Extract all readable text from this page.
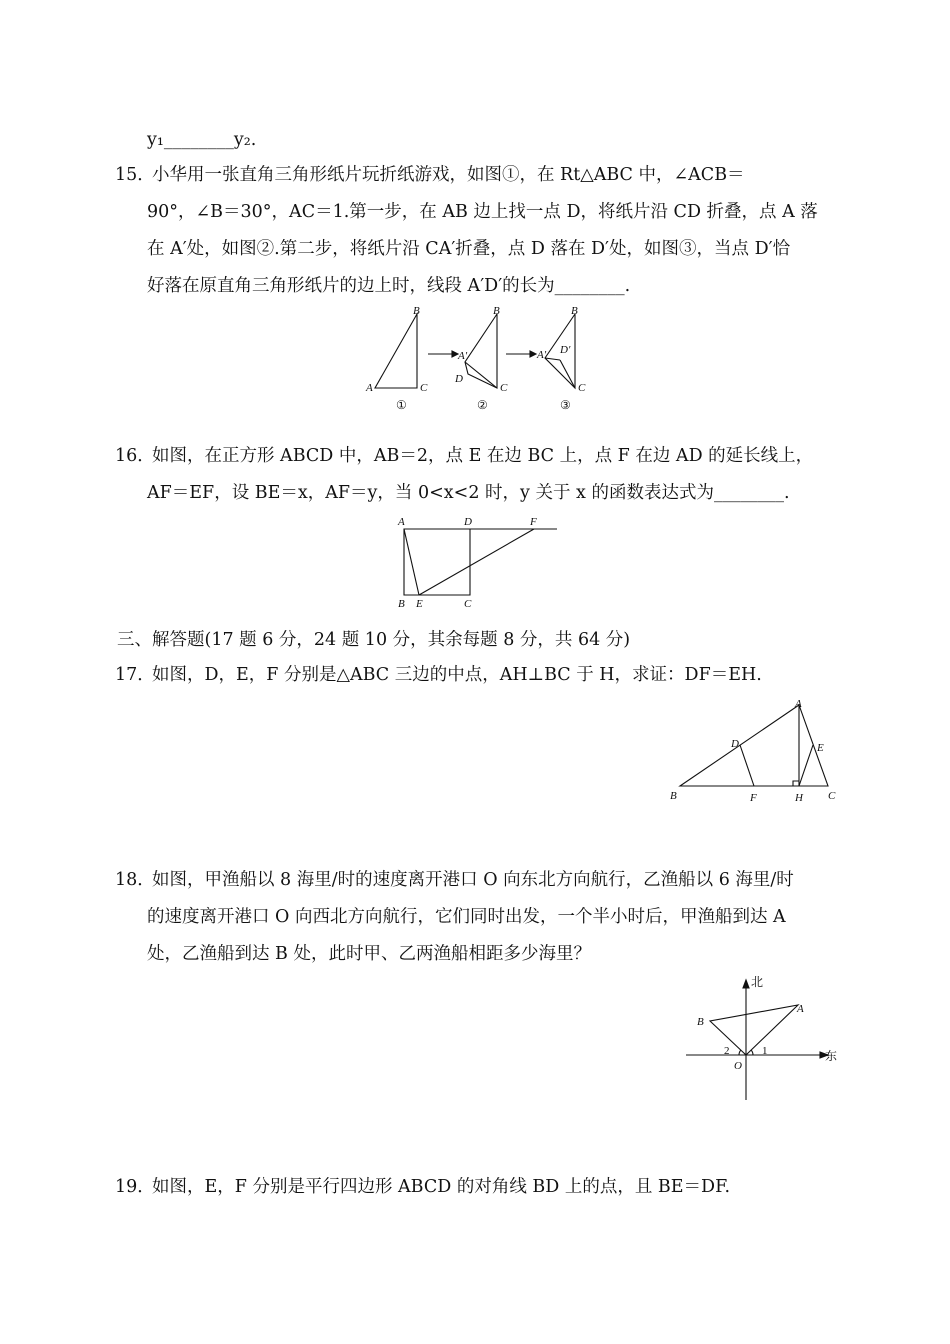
y₁________y₂.
15．
小华用一张直角三角形纸片玩折纸游戏，如图①，在 Rt△ABC 中，∠ACB＝
90°，∠B＝30°，AC＝1.第一步，在 AB 边上找一点 D，将纸片沿 CD 折叠，点 A 落
在 A′处，如图②.第二步，将纸片沿 CA′折叠，点 D 落在 D′处，如图③，当点 D′恰
好落在原直角三角形纸片的边上时，线段 A′D′的长为________.
B
A	C
B
A′
D
C
B
A′ D′
C
①	②	③
16．
如图，在正方形 ABCD 中，AB＝2，点 E 在边 BC 上，点 F 在边 AD 的延长线上，
AF＝EF，设 BE＝x，AF＝y，当 0<x<2 时，y 关于 x 的函数表达式为________.
A	D	F
B E	C
三、解答题(17 题 6 分，24 题 10 分，其余每题 8 分，共 64 分)
17．
如图，D，E，F 分别是△ABC 三边的中点，AH⊥BC 于 H，求证：DF＝EH.
A
D	E
B	F	H C
18．
如图，甲渔船以 8 海里/时的速度离开港口 O 向东北方向航行，乙渔船以 6 海里/时
的速度离开港口 O 向西北方向航行，它们同时出发，一个半小时后，甲渔船到达 A
处，乙渔船到达 B 处，此时甲、乙两渔船相距多少海里？
北
东
A
B
O
1
2
19．
如图，E，F 分别是平行四边形 ABCD 的对角线 BD 上的点，且 BE＝DF.
